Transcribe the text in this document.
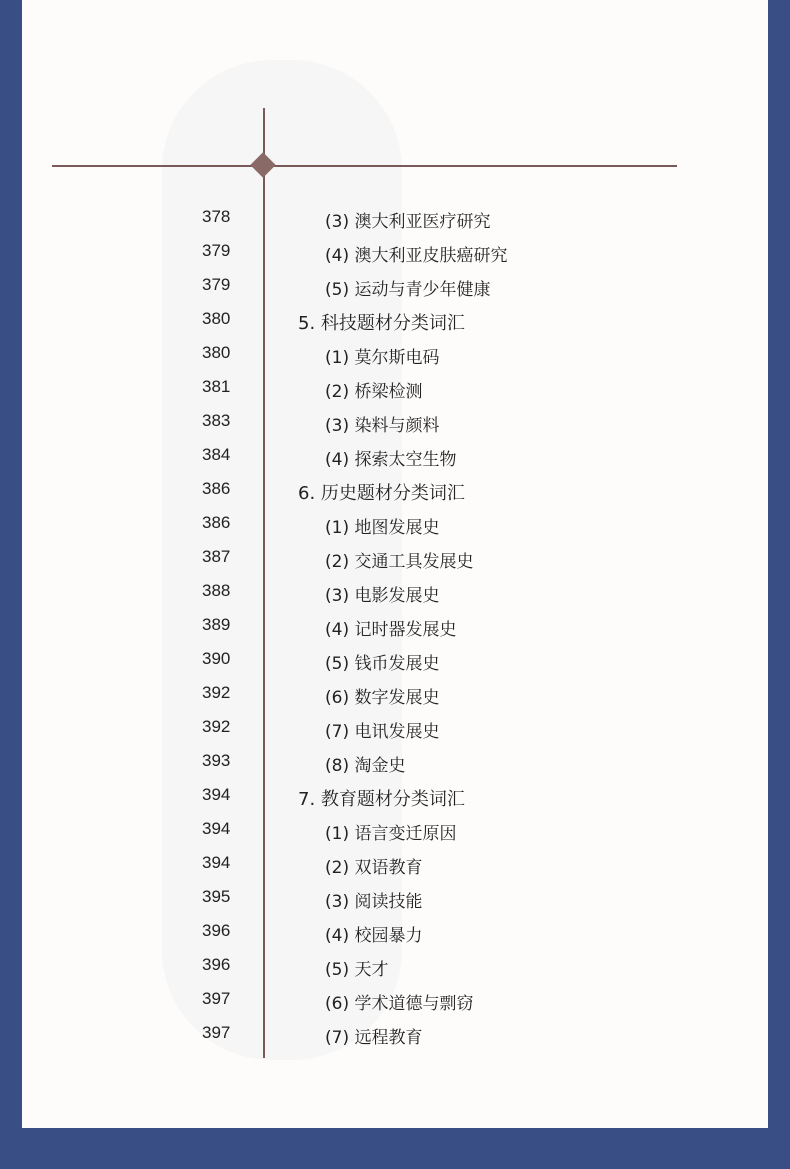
378	(3) 澳大利亚医疗研究
379	(4) 澳大利亚皮肤癌研究
379	(5) 运动与青少年健康
380	5. 科技题材分类词汇
380	(1) 莫尔斯电码
381	(2) 桥梁检测
383	(3) 染料与颜料
384	(4) 探索太空生物
386	6. 历史题材分类词汇
386	(1) 地图发展史
387	(2) 交通工具发展史
388	(3) 电影发展史
389	(4) 记时器发展史
390	(5) 钱币发展史
392	(6) 数字发展史
392	(7) 电讯发展史
393	(8) 淘金史
394	7. 教育题材分类词汇
394	(1) 语言变迁原因
394	(2) 双语教育
395	(3) 阅读技能
396	(4) 校园暴力
396	(5) 天才
397	(6) 学术道德与剽窃
397	(7) 远程教育
